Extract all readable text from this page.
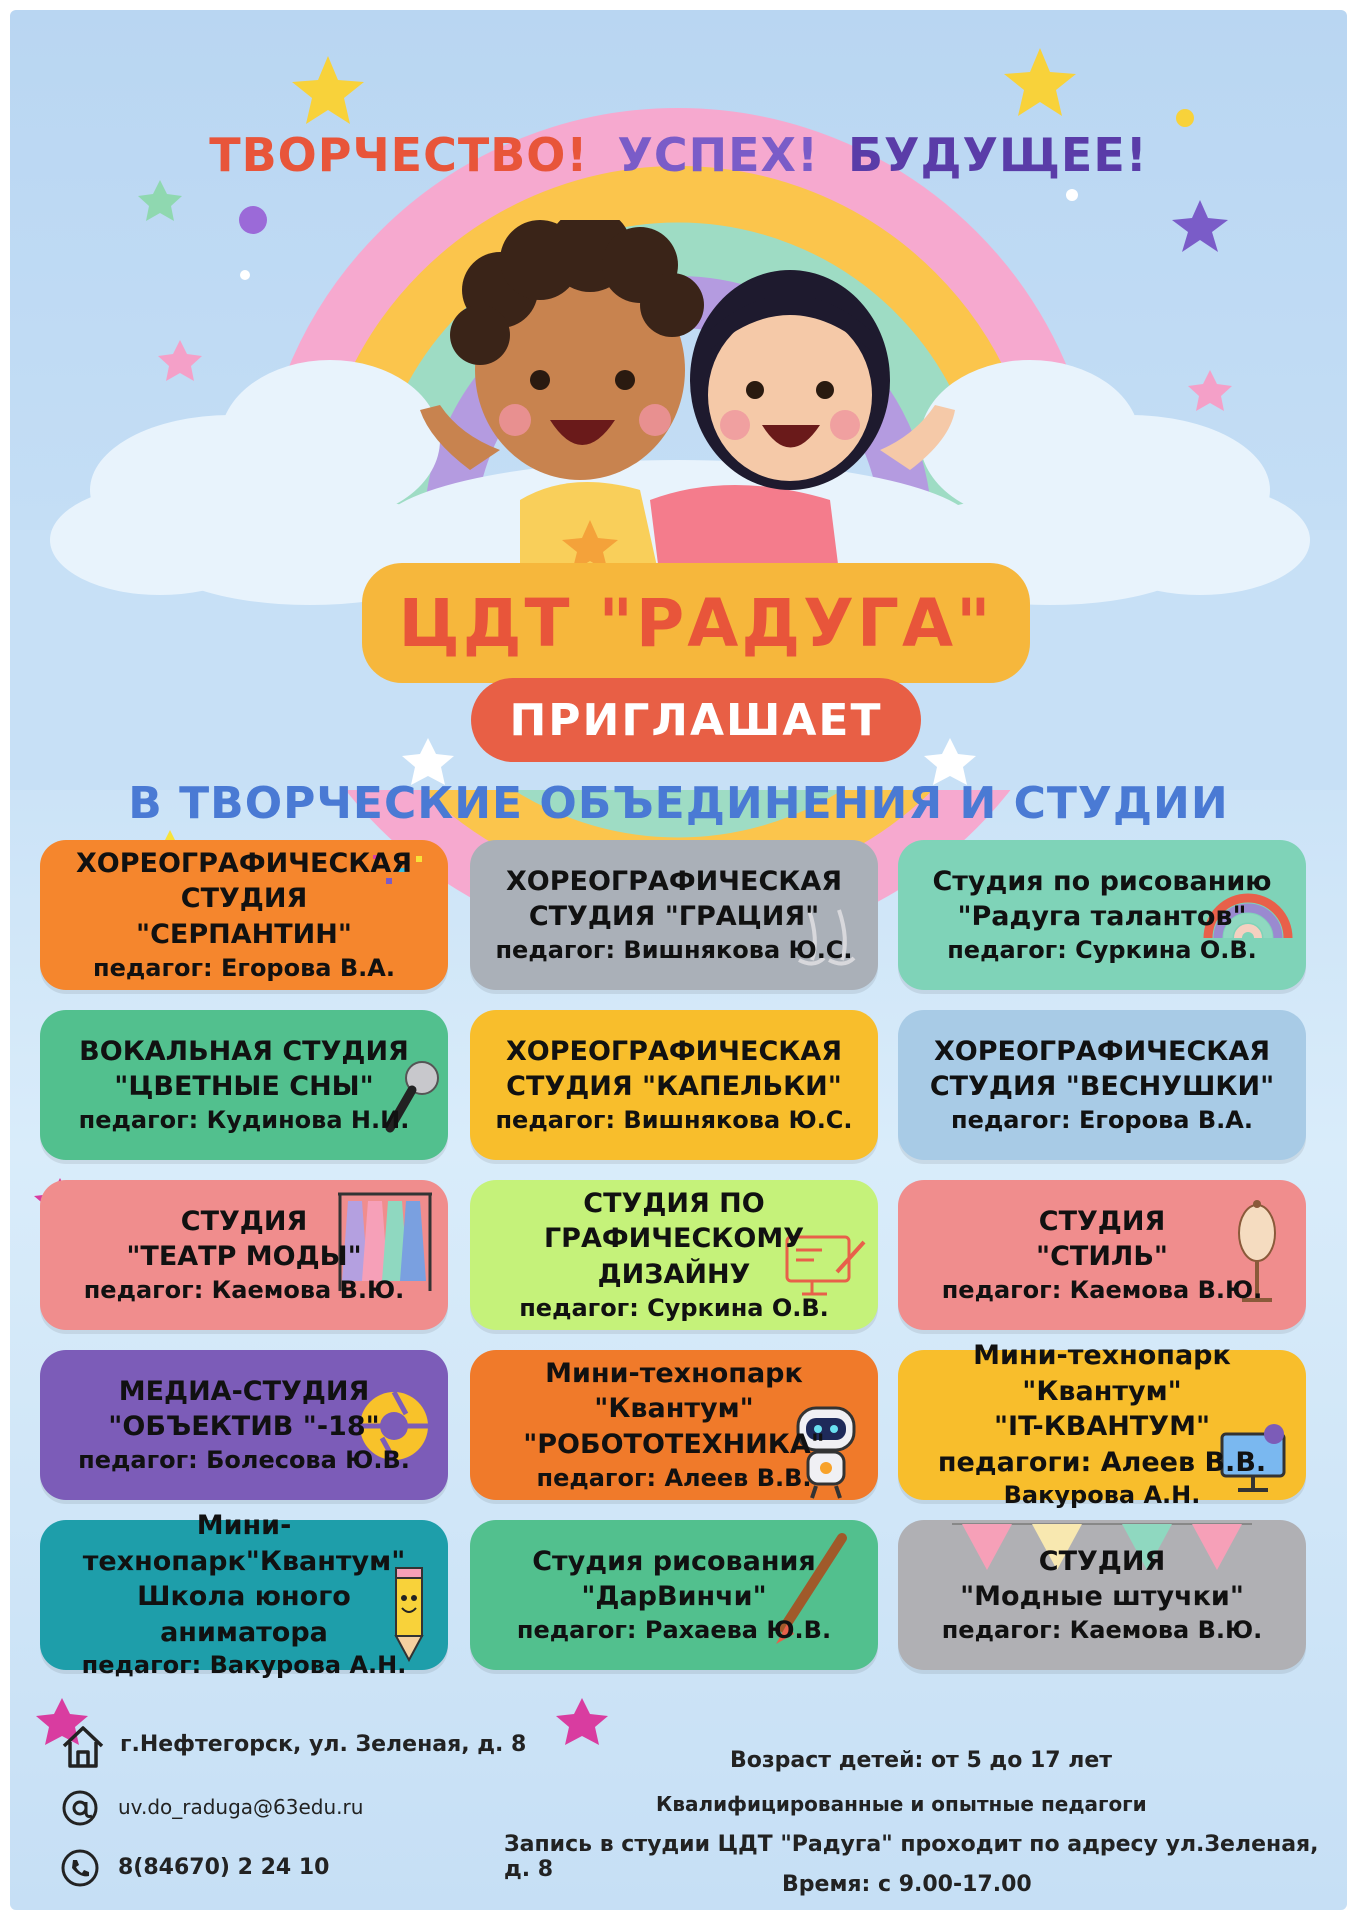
ТВОРЧЕСТВО! УСПЕХ! БУДУЩЕЕ!
ЦДТ "РАДУГА"
ПРИГЛАШАЕТ
В ТВОРЧЕСКИЕ ОБЪЕДИНЕНИЯ И СТУДИИ
ХОРЕОГРАФИЧЕСКАЯ
СТУДИЯ
"СЕРПАНТИН"
педагог: Егорова В.А.
ХОРЕОГРАФИЧЕСКАЯ
СТУДИЯ "ГРАЦИЯ"
педагог: Вишнякова Ю.С.
Студия по рисованию
"Радуга талантов"
педагог: Суркина О.В.
ВОКАЛЬНАЯ СТУДИЯ
"ЦВЕТНЫЕ СНЫ"
педагог: Кудинова Н.И.
ХОРЕОГРАФИЧЕСКАЯ
СТУДИЯ "КАПЕЛЬКИ"
педагог: Вишнякова Ю.С.
ХОРЕОГРАФИЧЕСКАЯ
СТУДИЯ "ВЕСНУШКИ"
педагог: Егорова В.А.
СТУДИЯ
"ТЕАТР МОДЫ"
педагог: Каемова В.Ю.
СТУДИЯ ПО
ГРАФИЧЕСКОМУ
ДИЗАЙНУ
педагог: Суркина О.В.
СТУДИЯ
"СТИЛЬ"
педагог: Каемова В.Ю.
МЕДИА-СТУДИЯ
"ОБЪЕКТИВ "-18"
педагог: Болесова Ю.В.
Мини-технопарк "Квантум"
"РОБОТОТЕХНИКА"
педагог: Алеев В.В.
Мини-технопарк "Квантум"
"IT-КВАНТУМ"
педагоги: Алеев В.В.
Вакурова А.Н.
Мини-технопарк"Квантум"
Школа юного аниматора
педагог: Вакурова А.Н.
Студия рисования
"ДарВинчи"
педагог: Рахаева Ю.В.
СТУДИЯ
"Модные штучки"
педагог: Каемова В.Ю.
г.Нефтегорск, ул. Зеленая, д. 8
uv.do_raduga@63edu.ru
8(84670) 2 24 10
Возраст детей: от 5 до 17 лет
Квалифицированные и опытные педагоги
Запись в студии ЦДТ "Радуга" проходит по адресу ул.Зеленая, д. 8
Время: с 9.00-17.00
